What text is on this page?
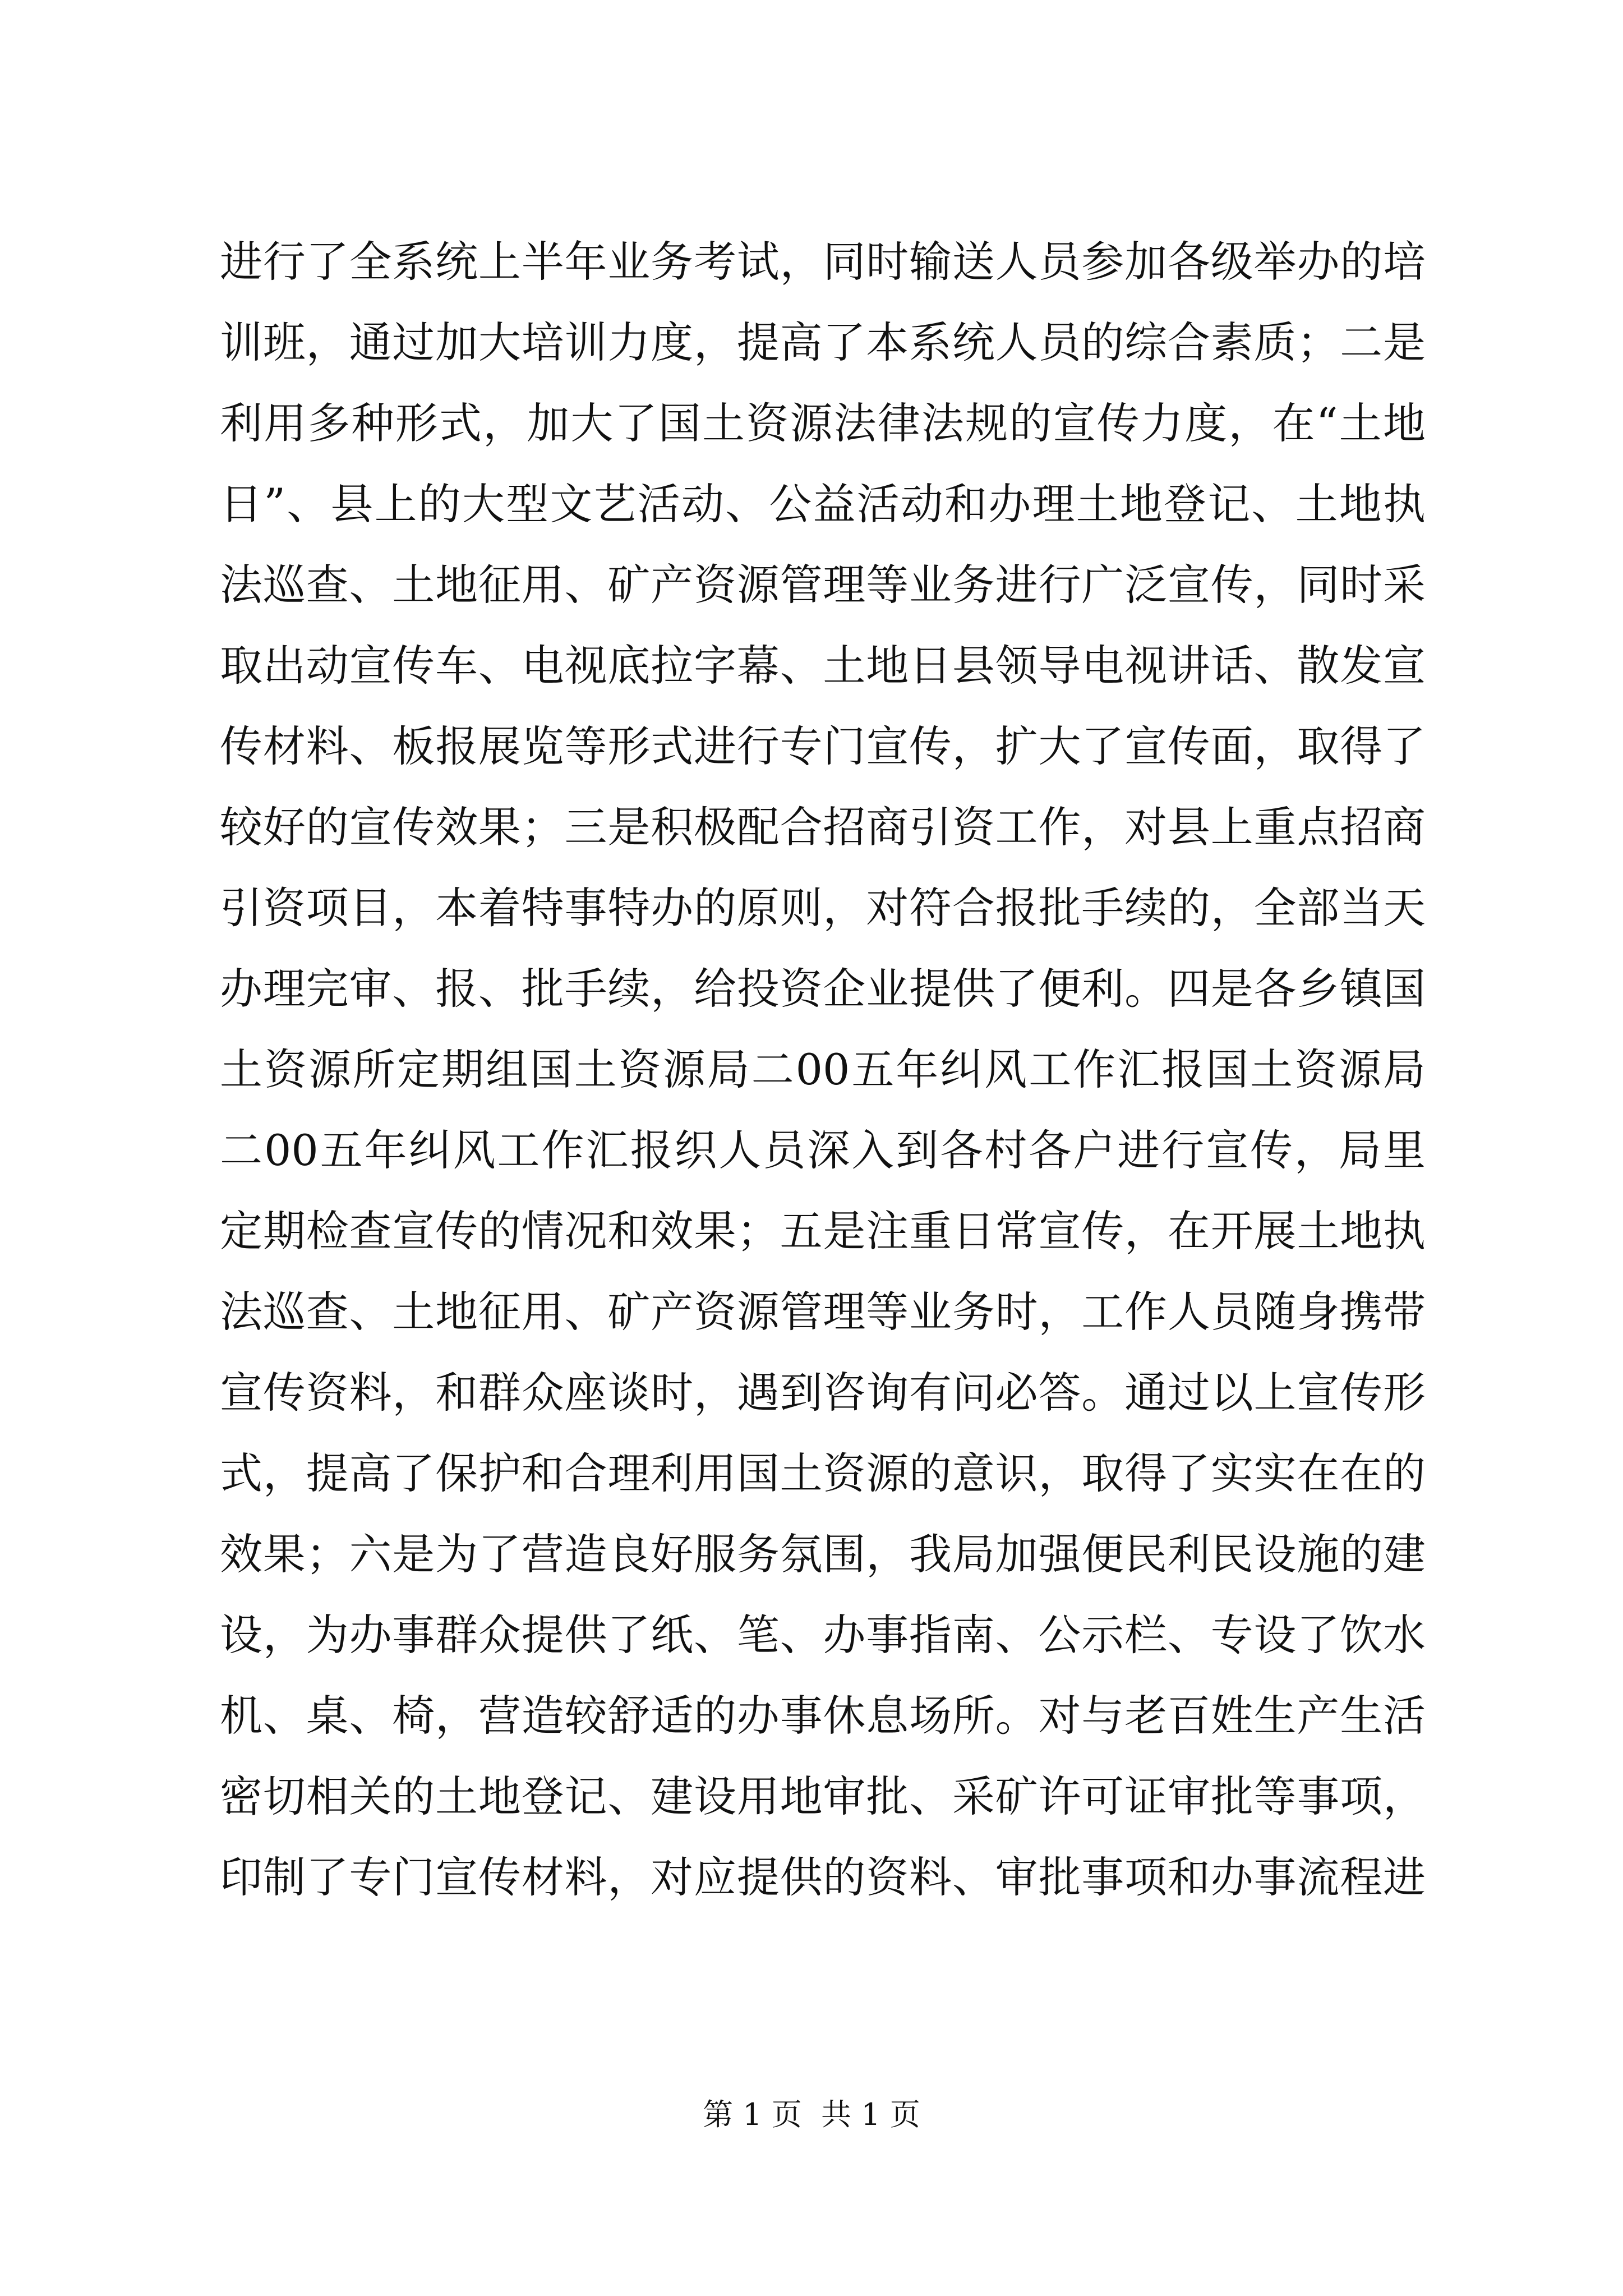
进行了全系统上半年业务考试，同时输送人员参加各级举办的培
训班，通过加大培训力度，提高了本系统人员的综合素质；二是
利用多种形式，加大了国土资源法律法规的宣传力度，在“土地
日”、县上的大型文艺活动、公益活动和办理土地登记、土地执
法巡查、土地征用、矿产资源管理等业务进行广泛宣传，同时采
取出动宣传车、电视底拉字幕、土地日县领导电视讲话、散发宣
传材料、板报展览等形式进行专门宣传，扩大了宣传面，取得了
较好的宣传效果；三是积极配合招商引资工作，对县上重点招商
引资项目，本着特事特办的原则，对符合报批手续的，全部当天
办理完审、报、批手续，给投资企业提供了便利。四是各乡镇国
土资源所定期组国土资源局二00五年纠风工作汇报国土资源局
二00五年纠风工作汇报织人员深入到各村各户进行宣传，局里
定期检查宣传的情况和效果；五是注重日常宣传，在开展土地执
法巡查、土地征用、矿产资源管理等业务时，工作人员随身携带
宣传资料，和群众座谈时，遇到咨询有问必答。通过以上宣传形
式，提高了保护和合理利用国土资源的意识，取得了实实在在的
效果；六是为了营造良好服务氛围，我局加强便民利民设施的建
设，为办事群众提供了纸、笔、办事指南、公示栏、专设了饮水
机、桌、椅，营造较舒适的办事休息场所。对与老百姓生产生活
密切相关的土地登记、建设用地审批、采矿许可证审批等事项，
印制了专门宣传材料，对应提供的资料、审批事项和办事流程进
第 1 页  共 1 页
